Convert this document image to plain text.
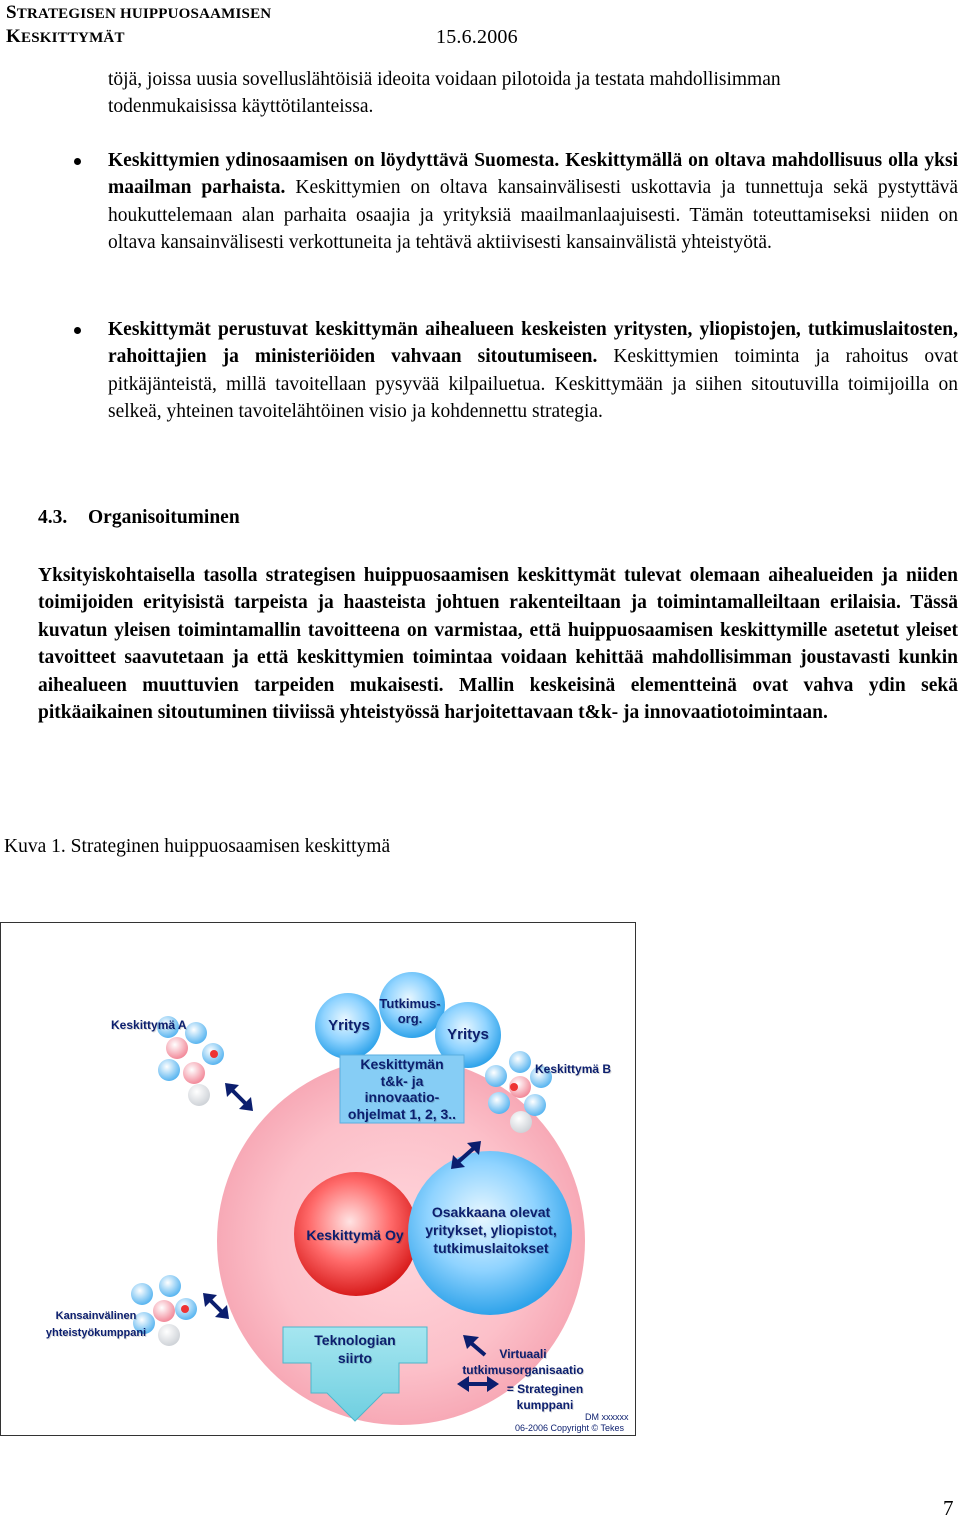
STRATEGISEN HUIPPUOSAAMISEN
KESKITTYMÄT	15.6.2006
töjä, joissa uusia sovelluslähtöisiä ideoita voidaan pilotoida ja testata mahdollisimman
todenmukaisissa käyttötilanteissa.
Keskittymien ydinosaamisen on löydyttävä Suomesta. Keskittymällä on oltava mahdollisuus olla yksi maailman parhaista. Keskittymien on oltava kansainvälisesti uskottavia ja tunnettuja sekä pystyttävä houkuttelemaan alan parhaita osaajia ja yrityksiä maailmanlaajuisesti. Tämän toteuttamiseksi niiden on oltava kansainvälisesti verkottuneita ja tehtävä aktiivisesti kansainvälistä yhteistyötä.
Keskittymät perustuvat keskittymän aihealueen keskeisten yritysten, yliopistojen, tutkimuslaitosten, rahoittajien ja ministeriöiden vahvaan sitoutumiseen. Keskittymien toiminta ja rahoitus ovat pitkäjänteistä, millä tavoitellaan pysyvää kilpailuetua. Keskittymään ja siihen sitoutuvilla toimijoilla on selkeä, yhteinen tavoitelähtöinen visio ja kohdennettu strategia.
4.3. Organisoituminen
Yksityiskohtaisella tasolla strategisen huippuosaamisen keskittymät tulevat olemaan aihealueiden ja niiden toimijoiden erityisistä tarpeista ja haasteista johtuen rakenteiltaan ja toimintamalleiltaan erilaisia. Tässä kuvatun yleisen toimintamallin tavoitteena on varmistaa, että huippuosaamisen keskittymille asetetut yleiset tavoitteet saavutetaan ja että keskittymien toimintaa voidaan kehittää mahdollisimman joustavasti kunkin aihealueen muuttuvien tarpeiden mukaisesti. Mallin keskeisinä elementteinä ovat vahva ydin sekä pitkäaikainen sitoutuminen tiiviissä yhteistyössä harjoitettavaan t&k- ja innovaatiotoimintaan.
Kuva 1. Strateginen huippuosaamisen keskittymä
Keskittymä A
Keskittymä B
Yritys
Yritys
Tutkimus-
org.
Keskittymän
t&k- ja
innovaatio-
ohjelmat 1, 2, 3..
Keskittymä Oy
Osakkaana olevat
yritykset, yliopistot,
tutkimuslaitokset
Kansainvälinen
yhteistyökumppani	Teknologian
siirto	Virtuaali
tutkimusorganisaatio
= Strateginen
kumppani
DM xxxxxx
06-2006 Copyright © Tekes
7
